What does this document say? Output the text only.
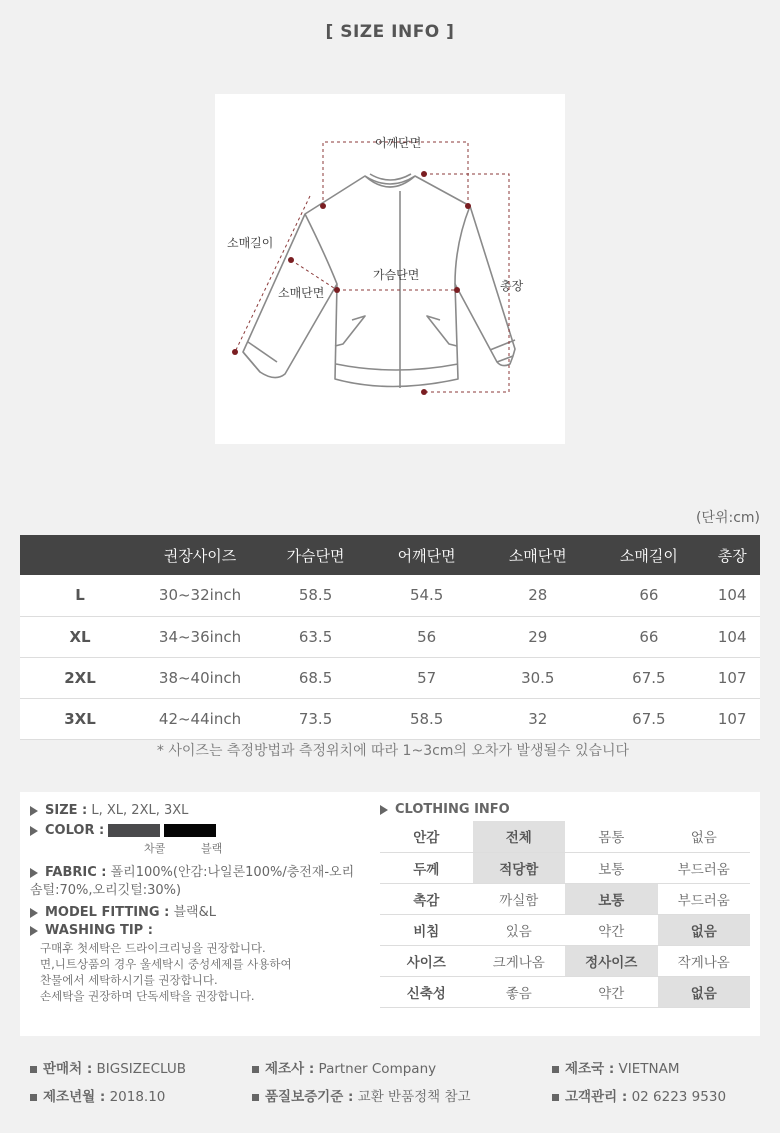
[ SIZE INFO ]
어깨단면
소매길이
가슴단면
소매단면	총장
(단위:cm)
	권장사이즈	가슴단면	어깨단면	소매단면	소매길이	총장
L	30~32inch	58.5	54.5	28	66	104
XL	34~36inch	63.5	56	29	66	104
2XL	38~40inch	68.5	57	30.5	67.5	107
3XL	42~44inch	73.5	58.5	32	67.5	107
* 사이즈는 측정방법과 측정위치에 따라 1~3cm의 오차가 발생될수 있습니다
SIZE : L, XL, 2XL, 3XL
COLOR :
차콜	블랙
FABRIC : 폴리100%(안감:나일론100%/충전재-오리
솜털:70%,오리깃털:30%)
MODEL FITTING : 블랙&L
WASHING TIP :
구매후 첫세탁은 드라이크리닝을 권장합니다.
면,니트상품의 경우 울세탁시 중성세제를 사용하여
찬물에서 세탁하시기를 권장합니다.
손세탁을 권장하며 단독세탁을 권장합니다.
CLOTHING INFO
안감	전체	몸통	없음
두께	적당함	보통	부드러움
촉감	까실함	보통	부드러움
비침	있음	약간	없음
사이즈	크게나옴	정사이즈	작게나옴
신축성	좋음	약간	없음
판매처 : BIGSIZECLUB	제조사 : Partner Company	제조국 : VIETNAM
제조년월 : 2018.10	품질보증기준 : 교환 반품정책 참고	고객관리 : 02 6223 9530
